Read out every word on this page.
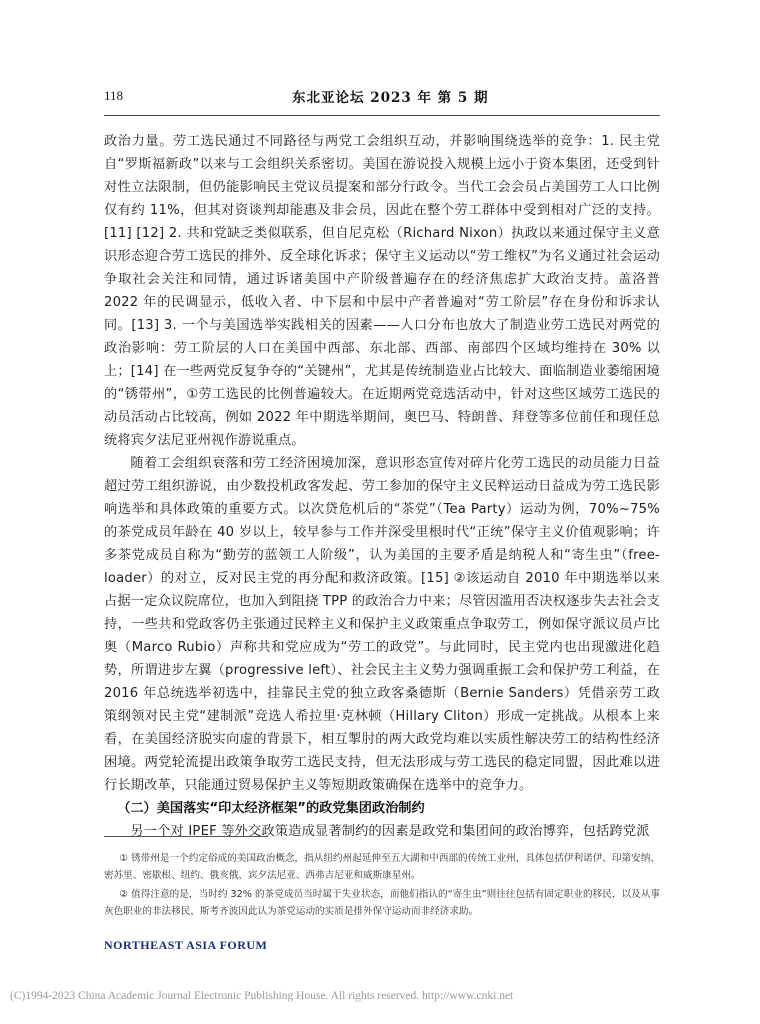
118	东北亚论坛 2023 年 第 5 期

政治力量。劳工选民通过不同路径与两党工会组织互动，并影响围绕选举的竞争：1. 民主党自“罗斯福新政”以来与工会组织关系密切。美国在游说投入规模上远小于资本集团，还受到针对性立法限制，但仍能影响民主党议员提案和部分行政令。当代工会会员占美国劳工人口比例仅有约 11%，但其对资谈判却能惠及非会员，因此在整个劳工群体中受到相对广泛的支持。[11] [12] 2. 共和党缺乏类似联系，但自尼克松（Richard Nixon）执政以来通过保守主义意识形态迎合劳工选民的排外、反全球化诉求；保守主义运动以“劳工维权”为名义通过社会运动争取社会关注和同情，通过诉诸美国中产阶级普遍存在的经济焦虑扩大政治支持。盖洛普 2022 年的民调显示，低收入者、中下层和中层中产者普遍对“劳工阶层”存在身份和诉求认同。[13] 3. 一个与美国选举实践相关的因素——人口分布也放大了制造业劳工选民对两党的政治影响：劳工阶层的人口在美国中西部、东北部、西部、南部四个区域均维持在 30% 以上；[14] 在一些两党反复争夺的“关键州”，尤其是传统制造业占比较大、面临制造业萎缩困境的“锈带州”，①劳工选民的比例普遍较大。在近期两党竞选活动中，针对这些区域劳工选民的动员活动占比较高，例如 2022 年中期选举期间，奥巴马、特朗普、拜登等多位前任和现任总统将宾夕法尼亚州视作游说重点。

随着工会组织衰落和劳工经济困境加深，意识形态宣传对碎片化劳工选民的动员能力日益超过劳工组织游说，由少数投机政客发起、劳工参加的保守主义民粹运动日益成为劳工选民影响选举和具体政策的重要方式。以次贷危机后的“茶党”（Tea Party）运动为例，70%~75% 的茶党成员年龄在 40 岁以上，较早参与工作并深受里根时代“正统”保守主义价值观影响；许多茶党成员自称为“勤劳的蓝领工人阶级”，认为美国的主要矛盾是纳税人和“寄生虫”（free-loader）的对立，反对民主党的再分配和救济政策。[15] ②该运动自 2010 年中期选举以来占据一定众议院席位，也加入到阻挠 TPP 的政治合力中来；尽管因滥用否决权逐步失去社会支持，一些共和党政客仍主张通过民粹主义和保护主义政策重点争取劳工，例如保守派议员卢比奥（Marco Rubio）声称共和党应成为“劳工的政党”。与此同时，民主党内也出现激进化趋势，所谓进步左翼（progressive left）、社会民主主义势力强调重振工会和保护劳工利益，在 2016 年总统选举初选中，挂靠民主党的独立政客桑德斯（Bernie Sanders）凭借亲劳工政策纲领对民主党“建制派”竞选人希拉里·克林顿（Hillary Cliton）形成一定挑战。从根本上来看，在美国经济脱实向虚的背景下，相互掣肘的两大政党均难以实质性解决劳工的结构性经济困境。两党轮流提出政策争取劳工选民支持，但无法形成与劳工选民的稳定同盟，因此难以进行长期改革，只能通过贸易保护主义等短期政策确保在选举中的竞争力。

（二）美国落实“印太经济框架”的政党集团政治制约

另一个对 IPEF 等外交政策造成显著制约的因素是政党和集团间的政治博弈，包括跨党派

① 锈带州是一个约定俗成的美国政治概念，指从纽约州起延伸至五大湖和中西部的传统工业州，具体包括伊利诺伊、印第安纳、密苏里、密歇根、纽约、俄亥俄、宾夕法尼亚、西弗吉尼亚和威斯康星州。

② 值得注意的是，当时约 32% 的茶党成员当时属于失业状态，而他们指认的“寄生虫”则往往包括有固定职业的移民，以及从事灰色职业的非法移民，斯考齐波因此认为茶党运动的实质是排外保守运动而非经济求助。

NORTHEAST ASIA FORUM
(C)1994-2023 China Academic Journal Electronic Publishing House. All rights reserved. http://www.cnki.net
